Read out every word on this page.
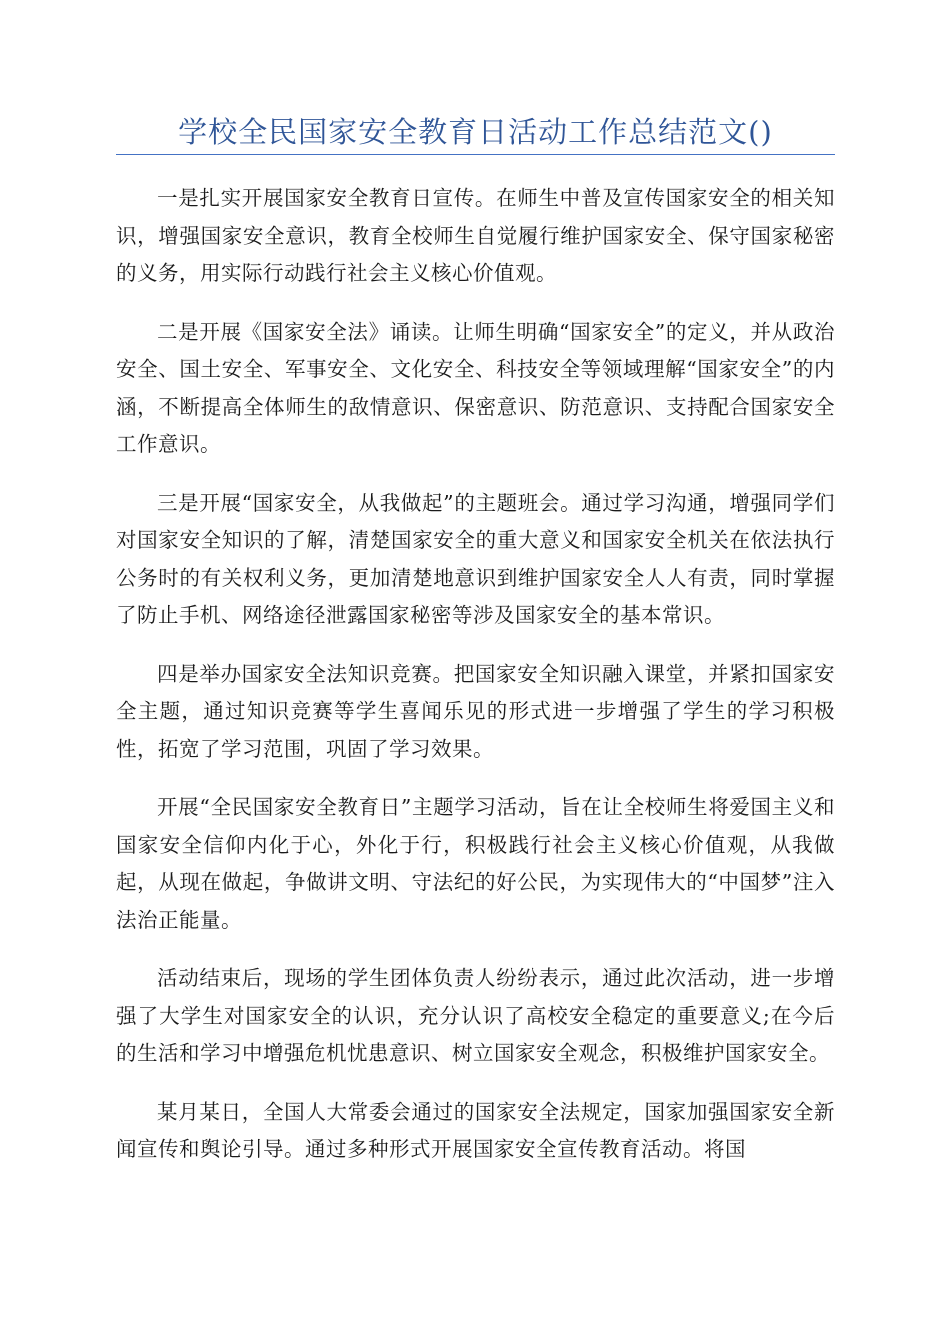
学校全民国家安全教育日活动工作总结范文()

一是扎实开展国家安全教育日宣传。在师生中普及宣传国家安全的相关知识，增强国家安全意识，教育全校师生自觉履行维护国家安全、保守国家秘密的义务，用实际行动践行社会主义核心价值观。

二是开展《国家安全法》诵读。让师生明确“国家安全”的定义，并从政治安全、国土安全、军事安全、文化安全、科技安全等领域理解“国家安全”的内涵，不断提高全体师生的敌情意识、保密意识、防范意识、支持配合国家安全工作意识。

三是开展“国家安全，从我做起”的主题班会。通过学习沟通，增强同学们对国家安全知识的了解，清楚国家安全的重大意义和国家安全机关在依法执行公务时的有关权利义务，更加清楚地意识到维护国家安全人人有责，同时掌握了防止手机、网络途径泄露国家秘密等涉及国家安全的基本常识。

四是举办国家安全法知识竞赛。把国家安全知识融入课堂，并紧扣国家安全主题，通过知识竞赛等学生喜闻乐见的形式进一步增强了学生的学习积极性，拓宽了学习范围，巩固了学习效果。

开展“全民国家安全教育日”主题学习活动，旨在让全校师生将爱国主义和国家安全信仰内化于心，外化于行，积极践行社会主义核心价值观，从我做起，从现在做起，争做讲文明、守法纪的好公民，为实现伟大的“中国梦”注入法治正能量。

活动结束后，现场的学生团体负责人纷纷表示，通过此次活动，进一步增强了大学生对国家安全的认识，充分认识了高校安全稳定的重要意义;在今后的生活和学习中增强危机忧患意识、树立国家安全观念，积极维护国家安全。

某月某日，全国人大常委会通过的国家安全法规定，国家加强国家安全新闻宣传和舆论引导。通过多种形式开展国家安全宣传教育活动。将国
